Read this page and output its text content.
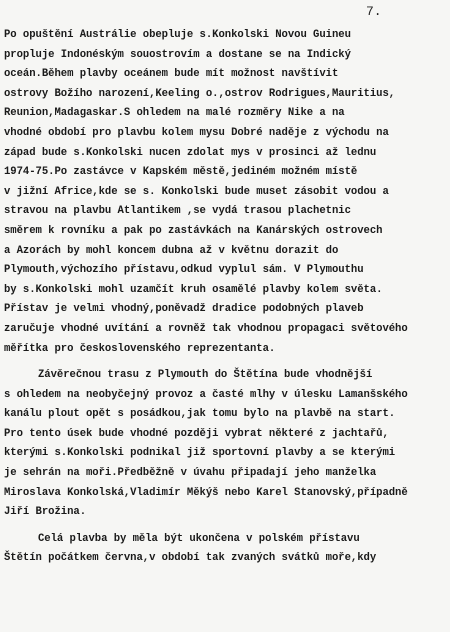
7.
Po opuštění Austrálie obepluje s.Konkolski Novou Guineu
propluje Indonéským souostrovím a dostane se na Indický
oceán.Během plavby oceánem bude mít možnost navštívit
ostrovy Božího narození,Keeling o.,ostrov Rodrigues,Mauritius,
Reunion,Madagaskar.S ohledem na malé rozměry Nike a na
vhodné období pro plavbu kolem mysu Dobré naděje z východu na
západ bude s.Konkolski nucen zdolat mys v prosinci až lednu
1974-75.Po zastávce v Kapském městě,jediném možném místě
v jižní Africe,kde se s. Konkolski bude muset zásobit vodou a
stravou na plavbu Atlantikem ,se vydá trasou plachetnic
směrem k rovníku a pak po zastávkách na Kanárských ostrovech
a Azorách by mohl koncem dubna až v květnu dorazit do
Plymouth,výchozího přístavu,odkud vyplul sám. V Plymouthu
by s.Konkolski mohl uzamčít kruh osamělé plavby kolem světa.
Přístav je velmi vhodný,poněvadž dradice podobných plaveb
zaručuje vhodné uvítání a rovněž tak vhodnou propagaci světového
měřítka pro československého reprezentanta.
Závěrečnou trasu z Plymouth do Štětína bude vhodnější
s ohledem na neobyčejný provoz a časté mlhy v úlesku Lamanšského
kanálu plout opět s posádkou,jak tomu bylo na plavbě na start.
Pro tento úsek bude vhodné později vybrat některé z jachtařů,
kterými s.Konkolski podnikal již sportovní plavby a se kterými
je sehrán na moři.Předběžně v úvahu připadají jeho manželka
Miroslava Konkolská,Vladimír Měkýš nebo Karel Stanovský,případně
Jiří Brožina.
Celá plavba by měla být ukončena v polském přístavu
Štětín počátkem června,v období tak zvaných svátků moře,kdy
